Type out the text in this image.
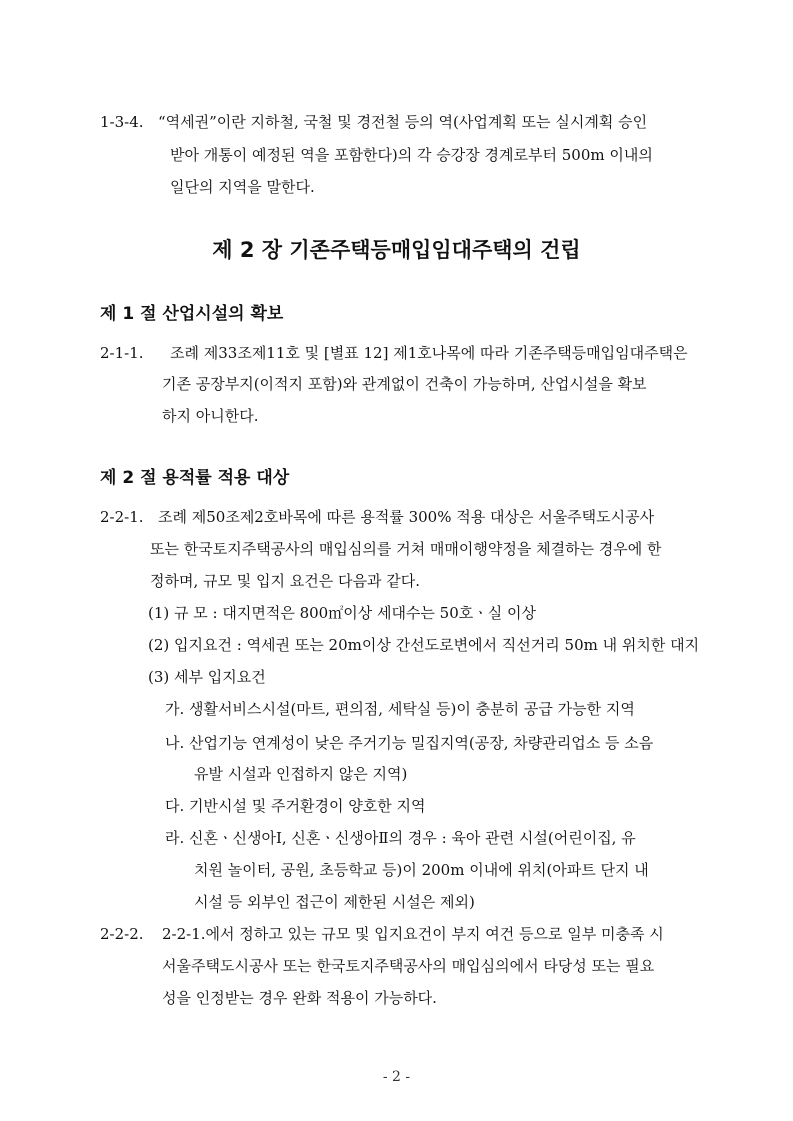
1-3-4. “역세권”이란 지하철, 국철 및 경전철 등의 역(사업계획 또는 실시계획 승인
받아 개통이 예정된 역을 포함한다)의 각 승강장 경계로부터 500m 이내의
일단의 지역을 말한다.
제 2 장 기존주택등매입임대주택의 건립
제 1 절 산업시설의 확보
2-1-1. 조례 제33조제11호 및 [별표 12] 제1호나목에 따라 기존주택등매입임대주택은
기존 공장부지(이적지 포함)와 관계없이 건축이 가능하며, 산업시설을 확보
하지 아니한다.
제 2 절 용적률 적용 대상
2-2-1. 조례 제50조제2호바목에 따른 용적률 300% 적용 대상은 서울주택도시공사
또는 한국토지주택공사의 매입심의를 거쳐 매매이행약정을 체결하는 경우에 한
정하며, 규모 및 입지 요건은 다음과 같다.
(1) 규 모 : 대지면적은 800㎡이상 세대수는 50호ㆍ실 이상
(2) 입지요건 : 역세권 또는 20m이상 간선도로변에서 직선거리 50m 내 위치한 대지
(3) 세부 입지요건
가. 생활서비스시설(마트, 편의점, 세탁실 등)이 충분히 공급 가능한 지역
나. 산업기능 연계성이 낮은 주거기능 밀집지역(공장, 차량관리업소 등 소음
유발 시설과 인접하지 않은 지역)
다. 기반시설 및 주거환경이 양호한 지역
라. 신혼ㆍ신생아Ⅰ, 신혼ㆍ신생아Ⅱ의 경우 : 육아 관련 시설(어린이집, 유
치원 놀이터, 공원, 초등학교 등)이 200m 이내에 위치(아파트 단지 내
시설 등 외부인 접근이 제한된 시설은 제외)
2-2-2. 2-2-1.에서 정하고 있는 규모 및 입지요건이 부지 여건 등으로 일부 미충족 시
서울주택도시공사 또는 한국토지주택공사의 매입심의에서 타당성 또는 필요
성을 인정받는 경우 완화 적용이 가능하다.
- 2 -
